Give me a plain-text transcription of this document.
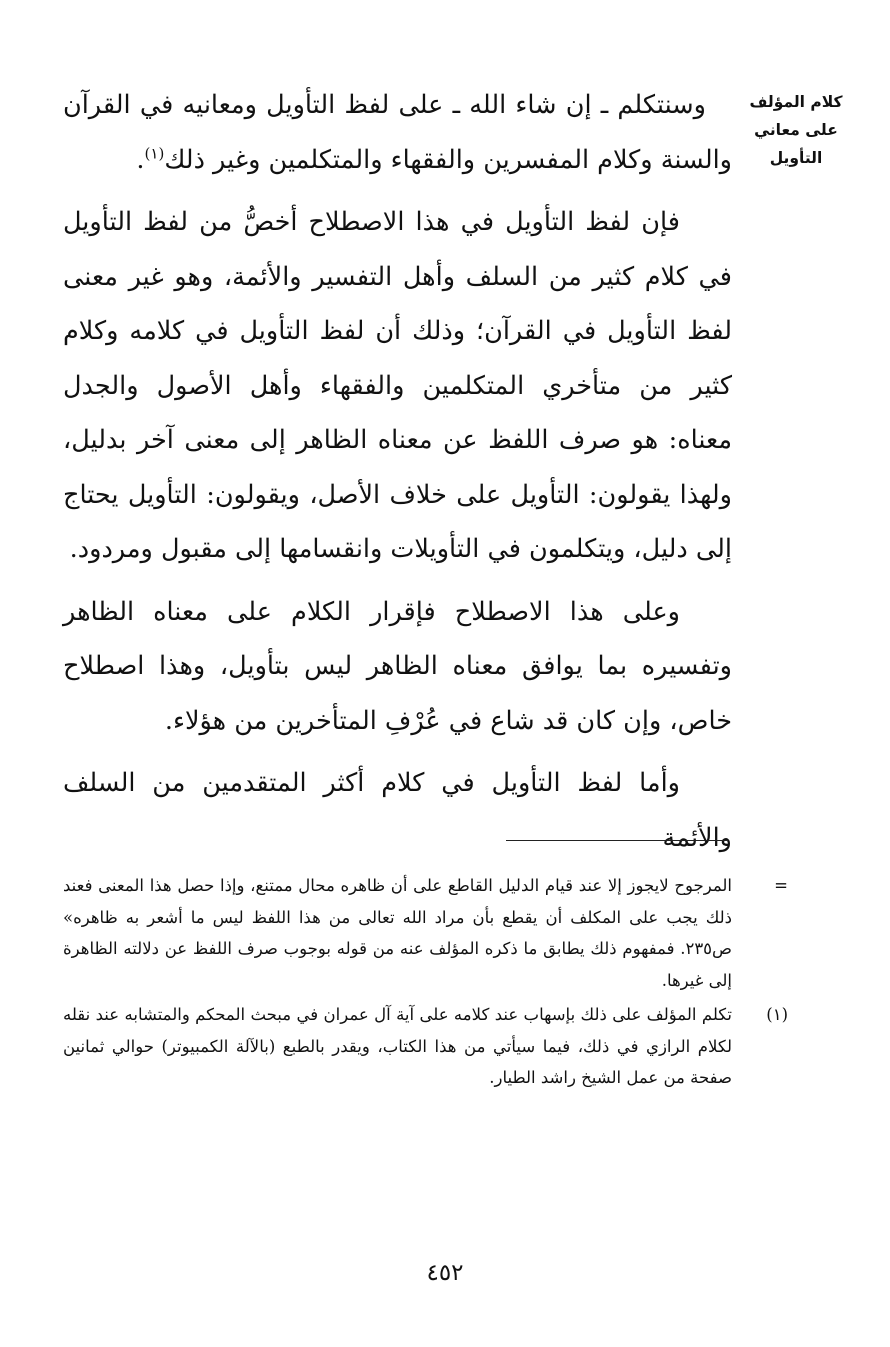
كلام المؤلف
على معاني
التأويل

وسنتكلم ـ إن شاء الله ـ على لفظ التأويل ومعانيه في القرآن والسنة وكلام المفسرين والفقهاء والمتكلمين وغير ذلك$^{(١)}$.

فإن لفظ التأويل في هذا الاصطلاح أخصُّ من لفظ التأويل في كلام كثير من السلف وأهل التفسير والأئمة، وهو غير معنى لفظ التأويل في القرآن؛ وذلك أن لفظ التأويل في كلامه وكلام كثير من متأخري المتكلمين والفقهاء وأهل الأصول والجدل معناه: هو صرف اللفظ عن معناه الظاهر إلى معنى آخر بدليل، ولهذا يقولون: التأويل على خلاف الأصل، ويقولون: التأويل يحتاج إلى دليل، ويتكلمون في التأويلات وانقسامها إلى مقبول ومردود.

وعلى هذا الاصطلاح فإقرار الكلام على معناه الظاهر وتفسيره بما يوافق معناه الظاهر ليس بتأويل، وهذا اصطلاح خاص، وإن كان قد شاع في عُرْفِ المتأخرين من هؤلاء.

وأما لفظ التأويل في كلام أكثر المتقدمين من السلف والأئمة

=
المرجوح لايجوز إلا عند قيام الدليل القاطع على أن ظاهره محال ممتنع، وإذا حصل هذا المعنى فعند ذلك يجب على المكلف أن يقطع بأن مراد الله تعالى من هذا اللفظ ليس ما أشعر به ظاهره» ص٢٣٥. فمفهوم ذلك يطابق ما ذكره المؤلف عنه من قوله بوجوب صرف اللفظ عن دلالته الظاهرة إلى غيرها.
(١)
تكلم المؤلف على ذلك بإسهاب عند كلامه على آية آل عمران في مبحث المحكم والمتشابه عند نقله لكلام الرازي في ذلك، فيما سيأتي من هذا الكتاب، ويقدر بالطبع (بالآلة الكمبيوتر) حوالي ثمانين صفحة من عمل الشيخ راشد الطيار.
٤٥٢
